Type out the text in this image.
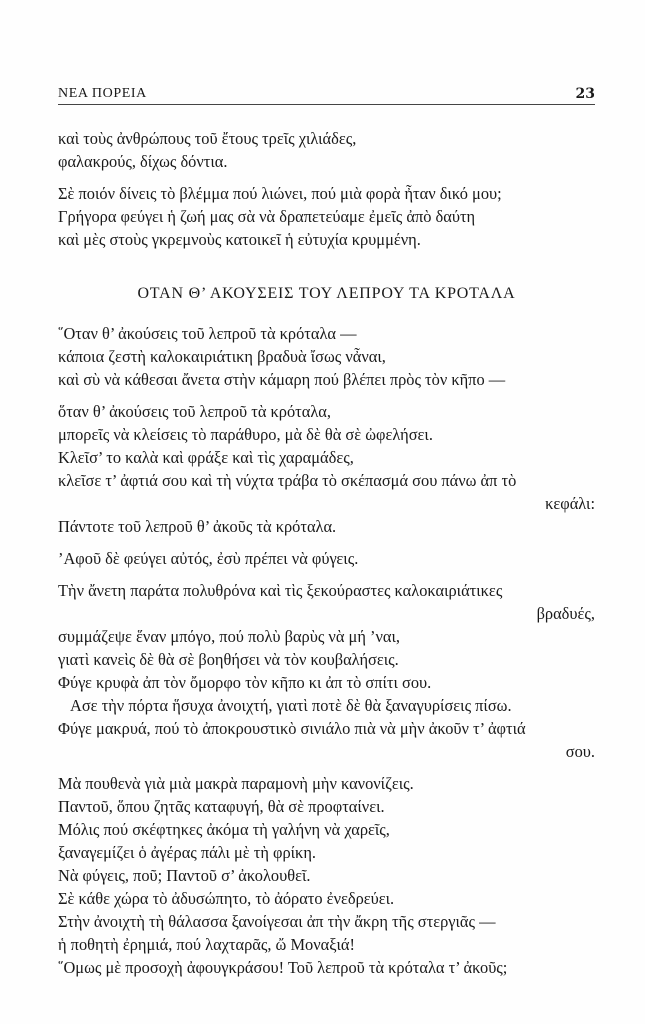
ΝΕΑ ΠΟΡΕΙΑ	23
καὶ τοὺς ἀνθρώπους τοῦ ἔτους τρεῖς χιλιάδες,
φαλακρούς, δίχως δόντια.
Σὲ ποιόν δίνεις τὸ βλέμμα πού λιώνει, πού μιὰ φορὰ ἦταν δικό μου;
Γρήγορα φεύγει ἡ ζωή μας σὰ νὰ δραπετεύαμε ἐμεῖς ἀπὸ δαύτη
καὶ μὲς στοὺς γκρεμνοὺς κατοικεῖ ἡ εὐτυχία κρυμμένη.
ΟΤΑΝ Θ’ ΑΚΟΥΣΕΙΣ ΤΟΥ ΛΕΠΡΟΥ ΤΑ ΚΡΟΤΑΛΑ
῞Οταν θ’ ἀκούσεις τοῦ λεπροῦ τὰ κρόταλα —
κάποια ζεστὴ καλοκαιριάτικη βραδυὰ ἴσως νἆναι,
καὶ σὺ νὰ κάθεσαι ἄνετα στὴν κάμαρη πού βλέπει πρὸς τὸν κῆπο —
ὅταν θ’ ἀκούσεις τοῦ λεπροῦ τὰ κρόταλα,
μπορεῖς νὰ κλείσεις τὸ παράθυρο, μὰ δὲ θὰ σὲ ὠφελήσει.
Κλεῖσ’ το καλὰ καὶ φράξε καὶ τὶς χαραμάδες,
κλεῖσε τ’ ἀφτιά σου καὶ τὴ νύχτα τράβα τὸ σκέπασμά σου πάνω ἀπ τὸ
κεφάλι:
Πάντοτε τοῦ λεπροῦ θ’ ἀκοῦς τὰ κρόταλα.
’Αφοῦ δὲ φεύγει αὐτός, ἐσὺ πρέπει νὰ φύγεις.
Τὴν ἄνετη παράτα πολυθρόνα καὶ τὶς ξεκούραστες καλοκαιριάτικες
βραδυές,
συμμάζεψε ἕναν μπόγο, πού πολὺ βαρὺς νὰ μή ’ναι,
γιατὶ κανεὶς δὲ θὰ σὲ βοηθήσει νὰ τὸν κουβαλήσεις.
Φύγε κρυφὰ ἀπ τὸν ὄμορφο τὸν κῆπο κι ἀπ τὸ σπίτι σου.
Ασε τὴν πόρτα ἥσυχα ἀνοιχτή, γιατὶ ποτὲ δὲ θὰ ξαναγυρίσεις πίσω.
Φύγε μακρυά, πού τὸ ἀποκρουστικὸ σινιάλο πιὰ νὰ μὴν ἀκοῦν τ’ ἀφτιά
σου.
Μὰ πουθενὰ γιὰ μιὰ μακρὰ παραμονὴ μὴν κανονίζεις.
Παντοῦ, ὅπου ζητᾶς καταφυγή, θὰ σὲ προφταίνει.
Μόλις πού σκέφτηκες ἀκόμα τὴ γαλήνη νὰ χαρεῖς,
ξαναγεμίζει ὁ ἀγέρας πάλι μὲ τὴ φρίκη.
Νὰ φύγεις, ποῦ; Παντοῦ σ’ ἀκολουθεῖ.
Σὲ κάθε χώρα τὸ ἀδυσώπητο, τὸ ἀόρατο ἐνεδρεύει.
Στὴν ἀνοιχτὴ τὴ θάλασσα ξανοίγεσαι ἀπ τὴν ἄκρη τῆς στεργιᾶς —
ἡ ποθητὴ ἐρημιά, πού λαχταρᾶς, ὤ Μοναξιά!
῞Ομως μὲ προσοχὴ ἀφουγκράσου! Τοῦ λεπροῦ τὰ κρόταλα τ’ ἀκοῦς;
